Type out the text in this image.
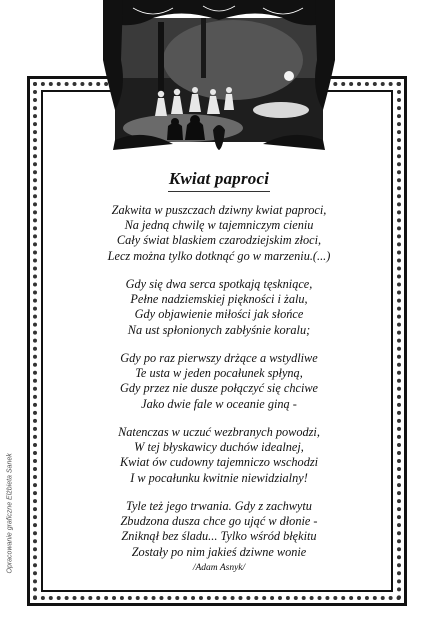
Kwiat paproci
Zakwita w puszczach dziwny kwiat paproci,
Na jedną chwilę w tajemniczym cieniu
Cały świat blaskiem czarodziejskim złoci,
Lecz można tylko dotknąć go w marzeniu.(...)
Gdy się dwa serca spotkają tęskniące,
Pełne nadziemskiej piękności i żalu,
Gdy objawienie miłości jak słońce
Na ust spłonionych zabłyśnie koralu;
Gdy po raz pierwszy drżące a wstydliwe
Te usta w jeden pocałunek spłyną,
Gdy przez nie dusze połączyć się chciwe
Jako dwie fale w oceanie giną -
Natenczas w uczuć wezbranych powodzi,
W tej błyskawicy duchów idealnej,
Kwiat ów cudowny tajemniczo wschodzi
I w pocałunku kwitnie niewidzialny!
Tyle też jego trwania. Gdy z zachwytu
Zbudzona dusza chce go ująć w dłonie -
Zniknął bez śladu... Tylko wśród błękitu
Zostały po nim jakieś dziwne wonie
/Adam Asnyk/
Opracowanie graficzne Elżbieta Sanek
